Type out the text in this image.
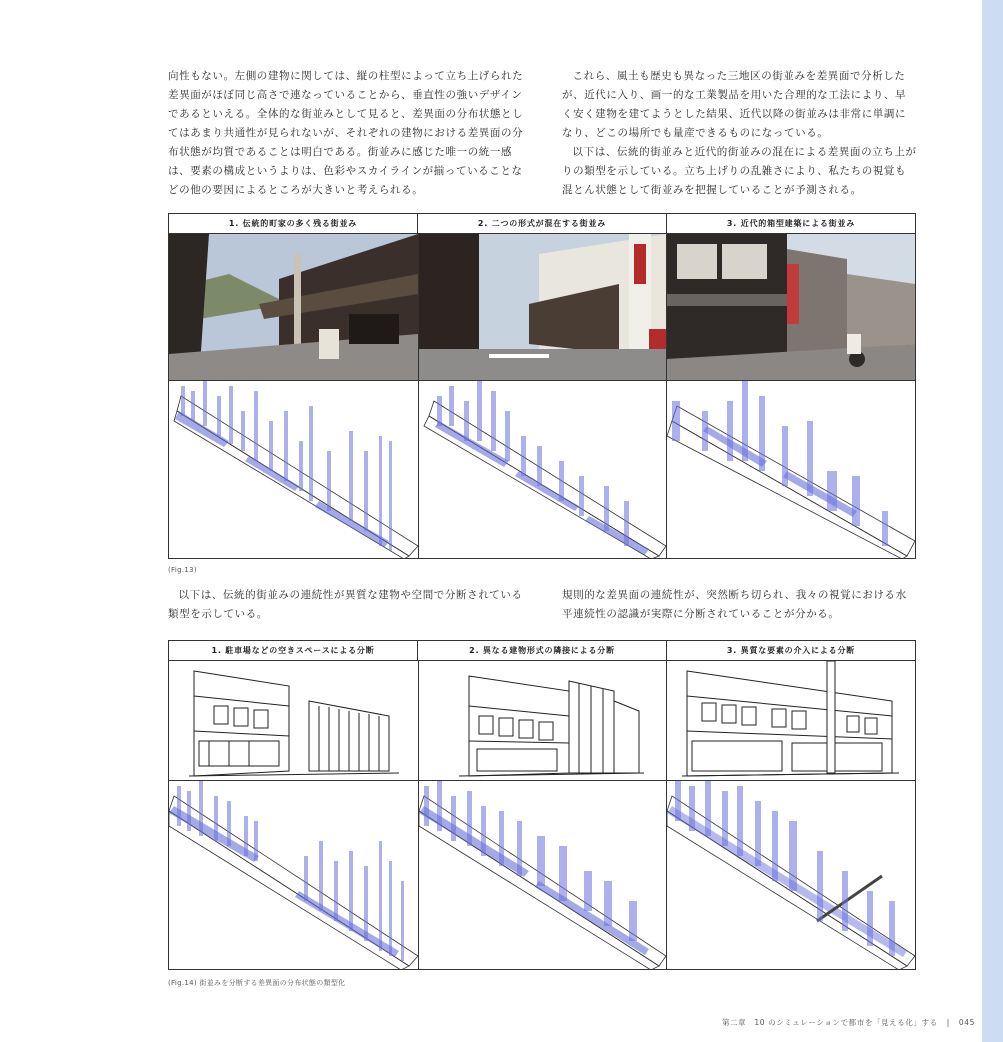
向性もない。左側の建物に関しては、縦の柱型によって立ち上げられた差異面がほぼ同じ高さで連なっていることから、垂直性の強いデザインであるといえる。全体的な街並みとして見ると、差異面の分布状態としてはあまり共通性が見られないが、それぞれの建物における差異面の分布状態が均質であることは明白である。街並みに感じた唯一の統一感は、要素の構成というよりは、色彩やスカイラインが揃っていることなどの他の要因によるところが大きいと考えられる。

これら、風土も歴史も異なった三地区の街並みを差異面で分析したが、近代に入り、画一的な工業製品を用いた合理的な工法により、早く安く建物を建てようとした結果、近代以降の街並みは非常に単調になり、どこの場所でも量産できるものになっている。

以下は、伝統的街並みと近代的街並みの混在による差異面の立ち上がりの類型を示している。立ち上げりの乱雑さにより、私たちの視覚も混とん状態として街並みを把握していることが予測される。

1. 伝統的町家の多く残る街並み	2. 二つの形式が混在する街並み	3. 近代的箱型建築による街並み
(Fig.13)

以下は、伝統的街並みの連続性が異質な建物や空間で分断されている類型を示している。

規則的な差異面の連続性が、突然断ち切られ、我々の視覚における水平連続性の認識が実際に分断されていることが分かる。

1. 駐車場などの空きスペースによる分断	2. 異なる建物形式の隣接による分断	3. 異質な要素の介入による分断
(Fig.14) 街並みを分断する差異面の分布状態の類型化
第二章　10 のシミュレーションで都市を「見える化」する | 045
